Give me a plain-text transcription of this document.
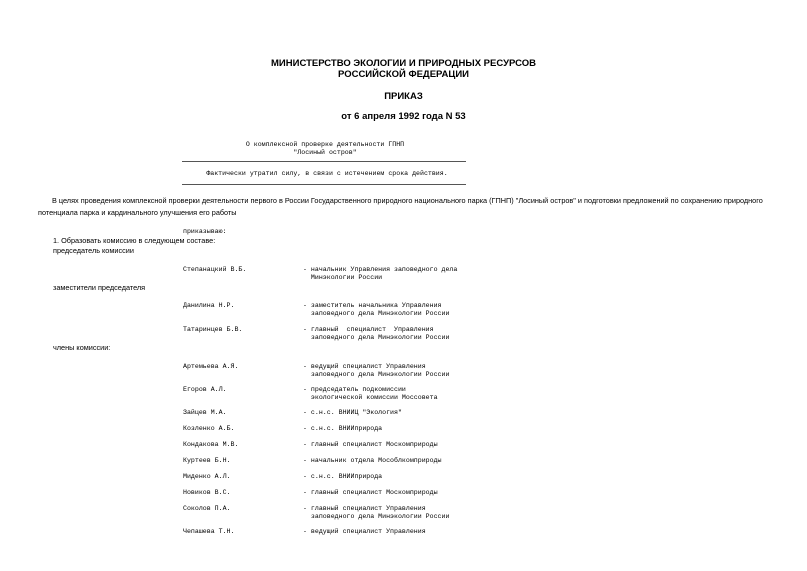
МИНИСТЕРСТВО ЭКОЛОГИИ И ПРИРОДНЫХ РЕСУРСОВ
РОССИЙСКОЙ ФЕДЕРАЦИИ
ПРИКАЗ
от 6 апреля 1992 года N 53
О комплексной проверке деятельности ГПНП
"Лосиный остров"
Фактически утратил силу, в связи с истечением срока действия.
В целях проведения комплексной проверки деятельности первого в России Государственного природного национального парка (ГПНП) "Лосиный остров" и подготовки предложений по сохранению природного потенциала парка и кардинального улучшения его работы
приказываю:
1. Образовать комиссию в следующем составе:
председатель комиссии
Степанацкий В.Б.	- начальник Управления заповедного дела
Минэкологии России
заместители председателя
Данилина Н.Р.	- заместитель начальника Управления
заповедного дела Минэкологии России
Татаринцев Б.В.	- главный  специалист  Управления
заповедного дела Минэкологии России
члены комиссии:
Артемьева А.Я.	- ведущий специалист Управления
заповедного дела Минэкологии России
Егоров А.Л.	- председатель подкомиссии
экологической комиссии Моссовета
Зайцев М.А.	- с.н.с. ВНИИЦ "Экология"
Козленко А.Б.	- с.н.с. ВНИИприрода
Кондакова М.В.	- главный специалист Москомприроды
Куртеев Б.Н.	- начальник отдела Мособлкомприроды
Миденко А.Л.	- с.н.с. ВНИИприрода
Новиков В.С.	- главный специалист Москомприроды
Соколов П.А.	- главный специалист Управления
заповедного дела Минэкологии России
Чепашева Т.Н.	- ведущий специалист Управления
